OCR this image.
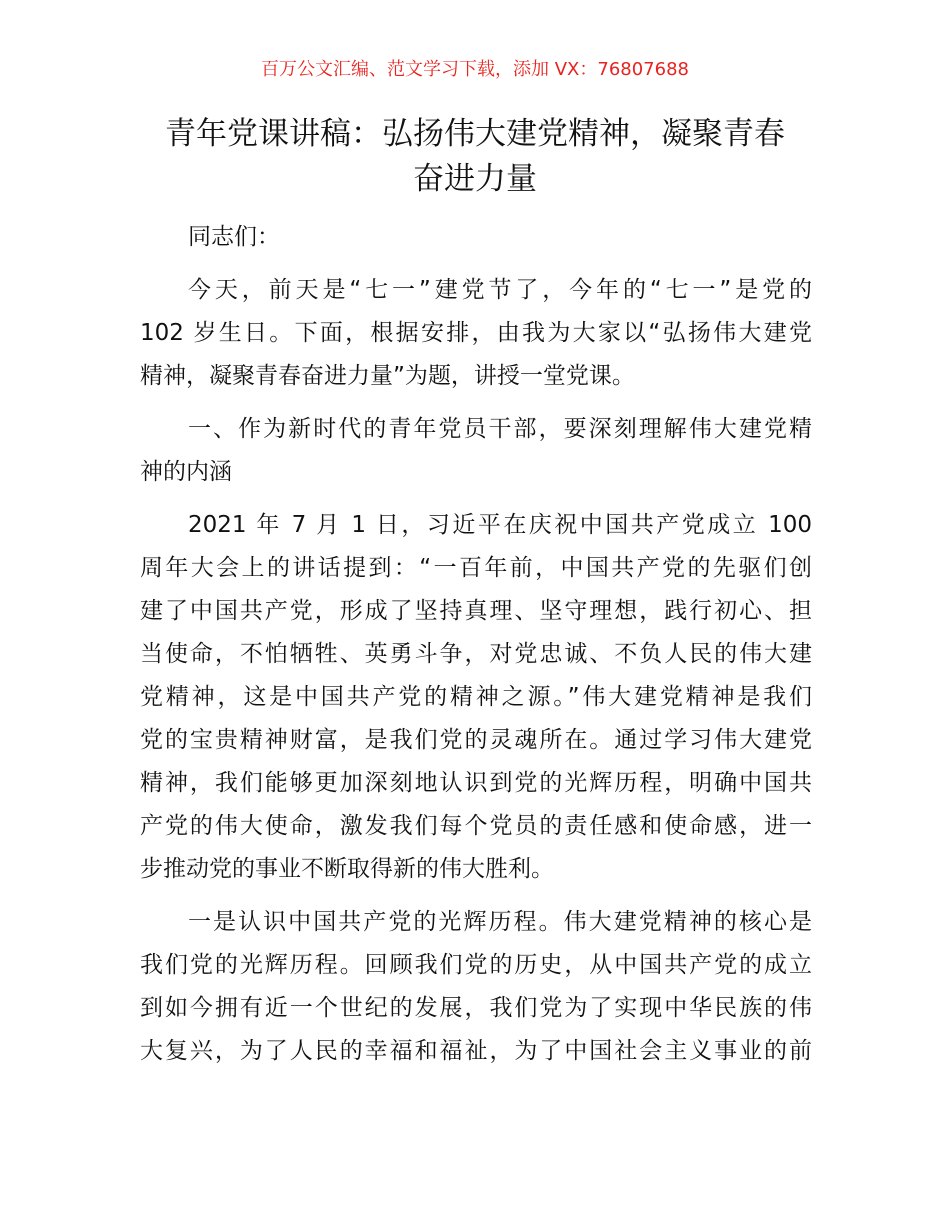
百万公文汇编、范文学习下载，添加 VX：76807688
青年党课讲稿：弘扬伟大建党精神，凝聚青春
奋进力量
同志们：
今天，前天是“七一”建党节了，今年的“七一”是党的
102 岁生日。下面，根据安排，由我为大家以“弘扬伟大建党
精神，凝聚青春奋进力量”为题，讲授一堂党课。
一、作为新时代的青年党员干部，要深刻理解伟大建党精
神的内涵
2021 年 7 月 1 日，习近平在庆祝中国共产党成立 100
周年大会上的讲话提到：“一百年前，中国共产党的先驱们创
建了中国共产党，形成了坚持真理、坚守理想，践行初心、担
当使命，不怕牺牲、英勇斗争，对党忠诚、不负人民的伟大建
党精神，这是中国共产党的精神之源。”伟大建党精神是我们
党的宝贵精神财富，是我们党的灵魂所在。通过学习伟大建党
精神，我们能够更加深刻地认识到党的光辉历程，明确中国共
产党的伟大使命，激发我们每个党员的责任感和使命感，进一
步推动党的事业不断取得新的伟大胜利。
一是认识中国共产党的光辉历程。伟大建党精神的核心是
我们党的光辉历程。回顾我们党的历史，从中国共产党的成立
到如今拥有近一个世纪的发展，我们党为了实现中华民族的伟
大复兴，为了人民的幸福和福祉，为了中国社会主义事业的前
